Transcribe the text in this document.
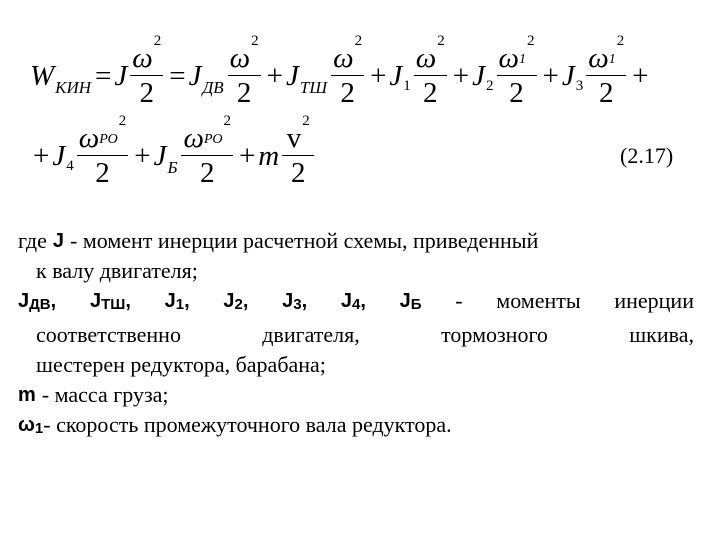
W КИН = J ω
2
2 = J ДВ ω
2
2 + J ТШ ω
2
2 + J 1 ω
2
2 + J 2 ω 1
2
2 + J 3 ω 1
2
2 +
+ J 4 ω РО
2
2 + J Б ω РО
2
2 + m v
2
2	(2.17)
где J - момент инерции расчетной схемы, приведенный
к валу двигателя;
$J_{ДВ}$, $J_{ТШ}$, $J_1$, $J_2$, $J_3$, $J_4$, $J_Б$ - моменты инерции
соответственно	двигателя,	тормозного	шкива,
шестерен редуктора, барабана;
m - масса груза;
$\omega_1$ - скорость промежуточного вала редуктора.
